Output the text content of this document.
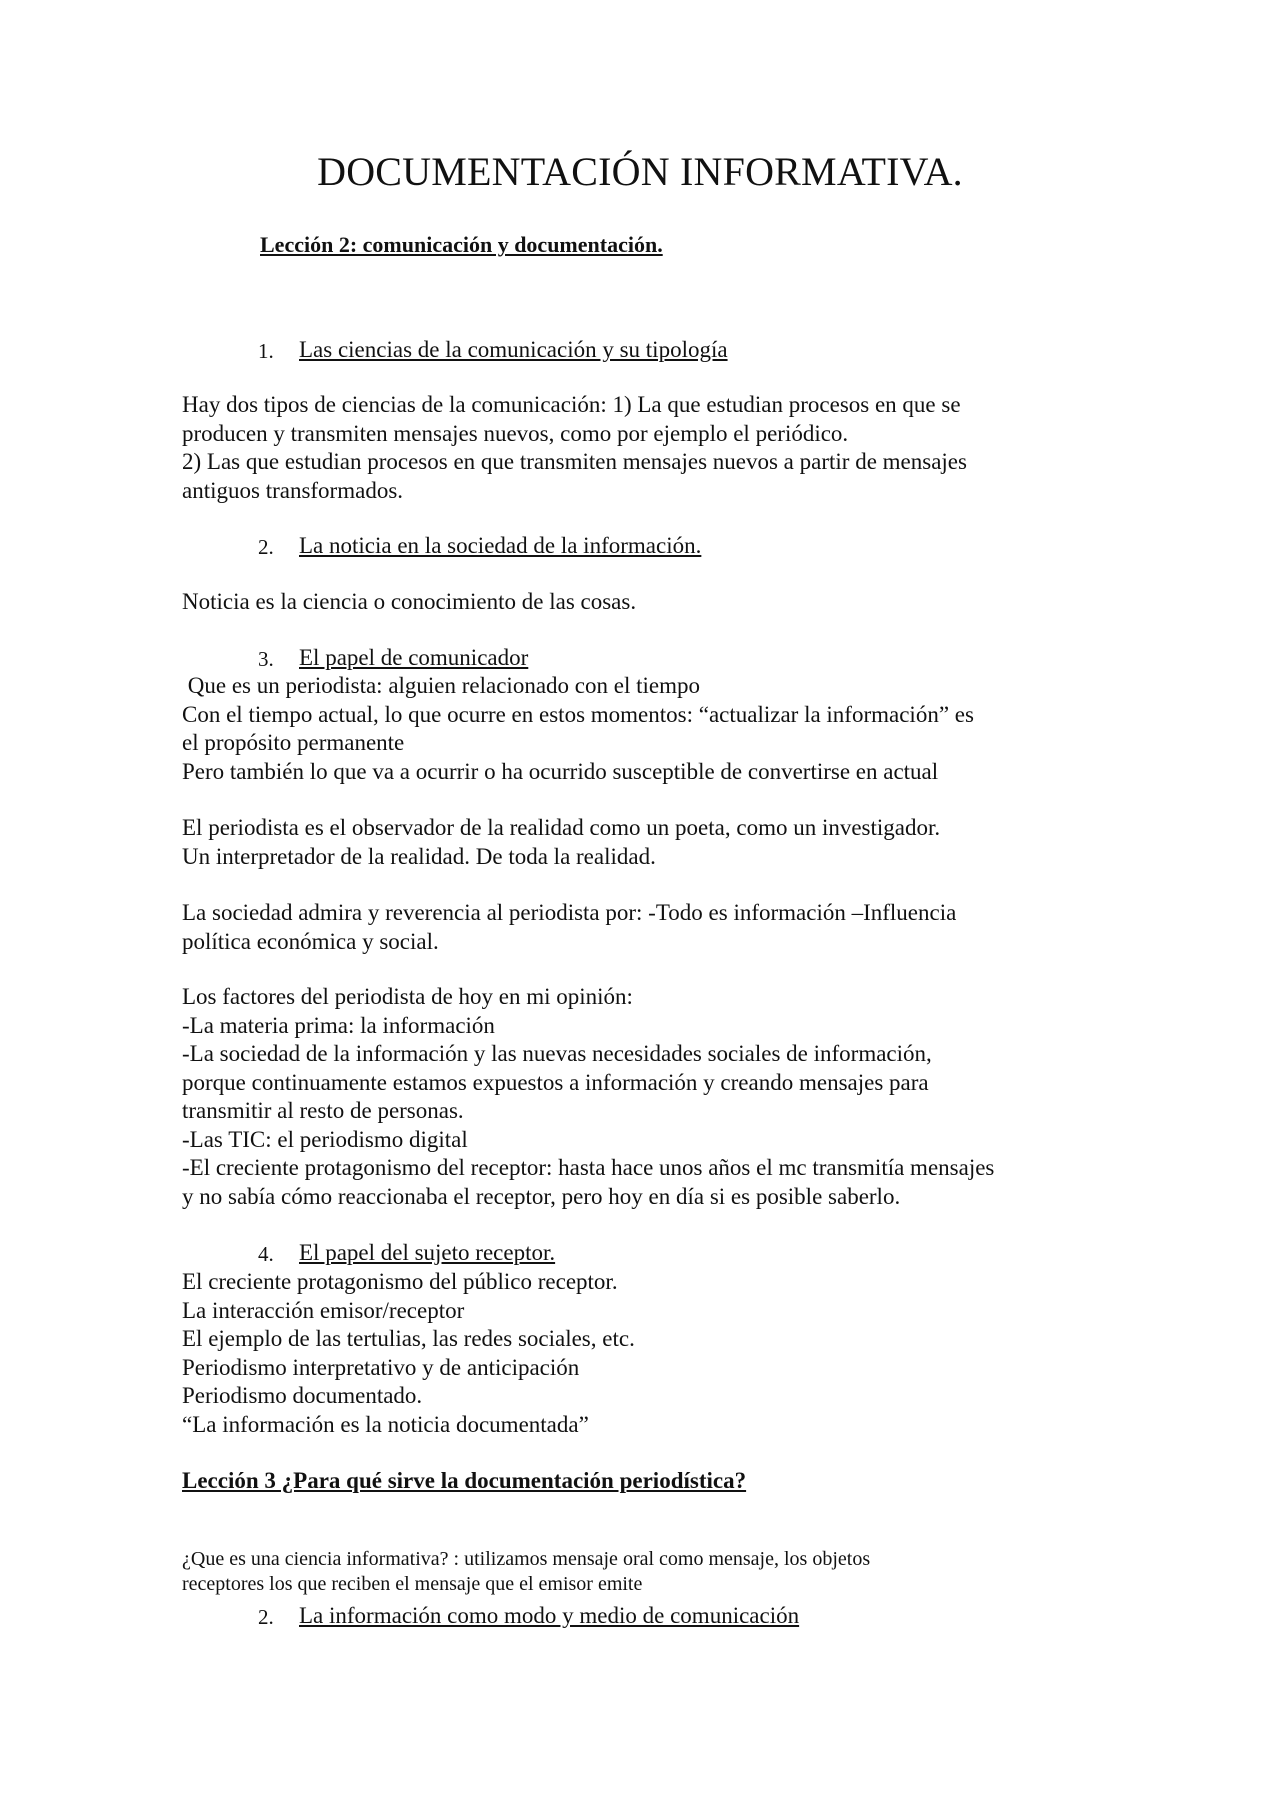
DOCUMENTACIÓN INFORMATIVA.
Lección 2: comunicación y documentación.
1. Las ciencias de la comunicación y su tipología
Hay dos tipos de ciencias de la comunicación: 1) La que estudian procesos en que se
producen y transmiten mensajes nuevos, como por ejemplo el periódico.
2) Las que estudian procesos en que transmiten mensajes nuevos a partir de mensajes
antiguos transformados.
2. La noticia en la sociedad de la información.
Noticia es la ciencia o conocimiento de las cosas.
3. El papel de comunicador
Que es un periodista: alguien relacionado con el tiempo
Con el tiempo actual, lo que ocurre en estos momentos: “actualizar la información” es
el propósito permanente
Pero también lo que va a ocurrir o ha ocurrido susceptible de convertirse en actual
El periodista es el observador de la realidad como un poeta, como un investigador.
Un interpretador de la realidad. De toda la realidad.
La sociedad admira y reverencia al periodista por: -Todo es información –Influencia
política económica y social.
Los factores del periodista de hoy en mi opinión:
-La materia prima: la información
-La sociedad de la información y las nuevas necesidades sociales de información,
porque continuamente estamos expuestos a información y creando mensajes para
transmitir al resto de personas.
-Las TIC: el periodismo digital
-El creciente protagonismo del receptor: hasta hace unos años el mc transmitía mensajes
y no sabía cómo reaccionaba el receptor, pero hoy en día si es posible saberlo.
4. El papel del sujeto receptor.
El creciente protagonismo del público receptor.
La interacción emisor/receptor
El ejemplo de las tertulias, las redes sociales, etc.
Periodismo interpretativo y de anticipación
Periodismo documentado.
“La información es la noticia documentada”
Lección 3 ¿Para qué sirve la documentación periodística?
¿Que es una ciencia informativa? : utilizamos mensaje oral como mensaje, los objetos
receptores los que reciben el mensaje que el emisor emite
2. La información como modo y medio de comunicación
